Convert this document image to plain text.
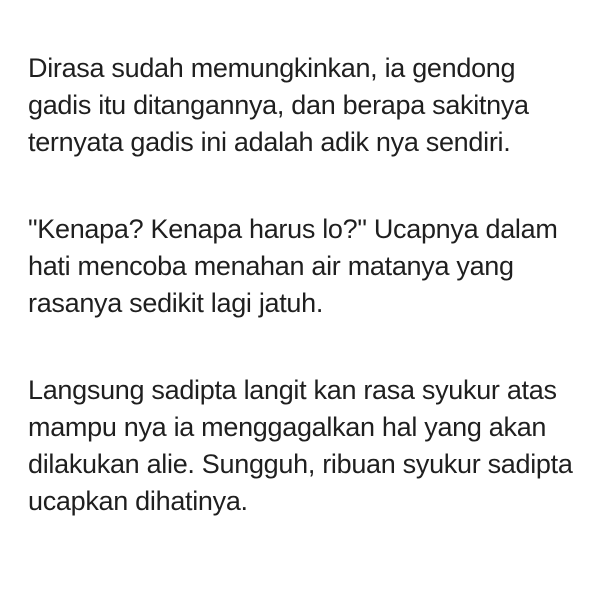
Dirasa sudah memungkinkan, ia gendong
gadis itu ditangannya, dan berapa sakitnya
ternyata gadis ini adalah adik nya sendiri.
"Kenapa? Kenapa harus lo?" Ucapnya dalam
hati mencoba menahan air matanya yang
rasanya sedikit lagi jatuh.
Langsung sadipta langit kan rasa syukur atas
mampu nya ia menggagalkan hal yang akan
dilakukan alie. Sungguh, ribuan syukur sadipta
ucapkan dihatinya.
